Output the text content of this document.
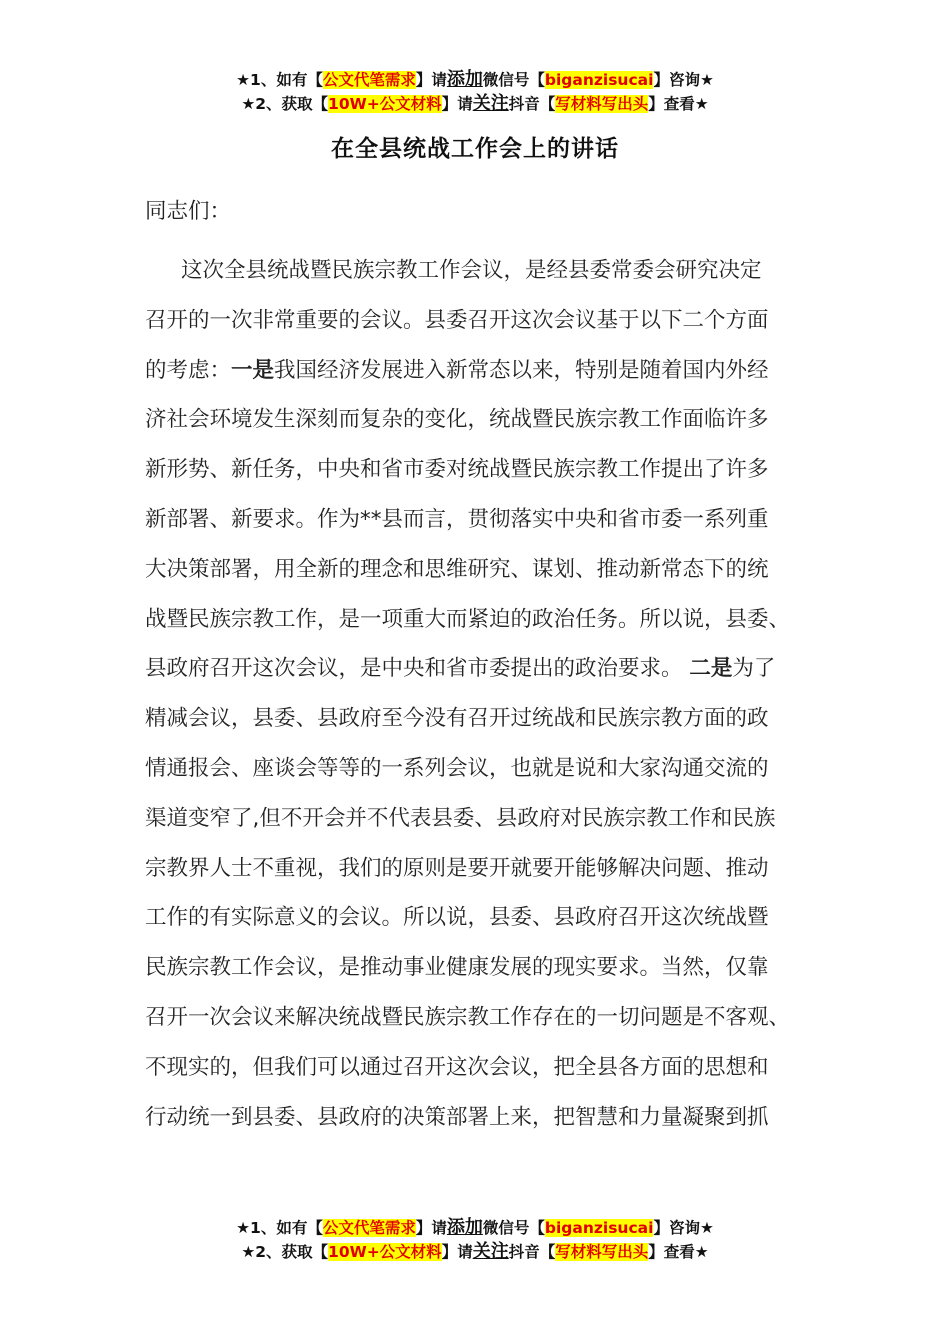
★1、如有【公文代笔需求】请添加微信号【biganzisucai】咨询★
★2、获取【10W+公文材料】请关注抖音【写材料写出头】查看★
在全县统战工作会上的讲话
同志们：
这次全县统战暨民族宗教工作会议，是经县委常委会研究决定
召开的一次非常重要的会议。县委召开这次会议基于以下二个方面
的考虑：一是我国经济发展进入新常态以来，特别是随着国内外经
济社会环境发生深刻而复杂的变化，统战暨民族宗教工作面临许多
新形势、新任务，中央和省市委对统战暨民族宗教工作提出了许多
新部署、新要求。作为**县而言，贯彻落实中央和省市委一系列重
大决策部署，用全新的理念和思维研究、谋划、推动新常态下的统
战暨民族宗教工作，是一项重大而紧迫的政治任务。所以说，县委、
县政府召开这次会议，是中央和省市委提出的政治要求。 二是为了
精减会议，县委、县政府至今没有召开过统战和民族宗教方面的政
情通报会、座谈会等等的一系列会议，也就是说和大家沟通交流的
渠道变窄了,但不开会并不代表县委、县政府对民族宗教工作和民族
宗教界人士不重视，我们的原则是要开就要开能够解决问题、推动
工作的有实际意义的会议。所以说，县委、县政府召开这次统战暨
民族宗教工作会议，是推动事业健康发展的现实要求。当然，仅靠
召开一次会议来解决统战暨民族宗教工作存在的一切问题是不客观、
不现实的，但我们可以通过召开这次会议，把全县各方面的思想和
行动统一到县委、县政府的决策部署上来，把智慧和力量凝聚到抓
★1、如有【公文代笔需求】请添加微信号【biganzisucai】咨询★
★2、获取【10W+公文材料】请关注抖音【写材料写出头】查看★
